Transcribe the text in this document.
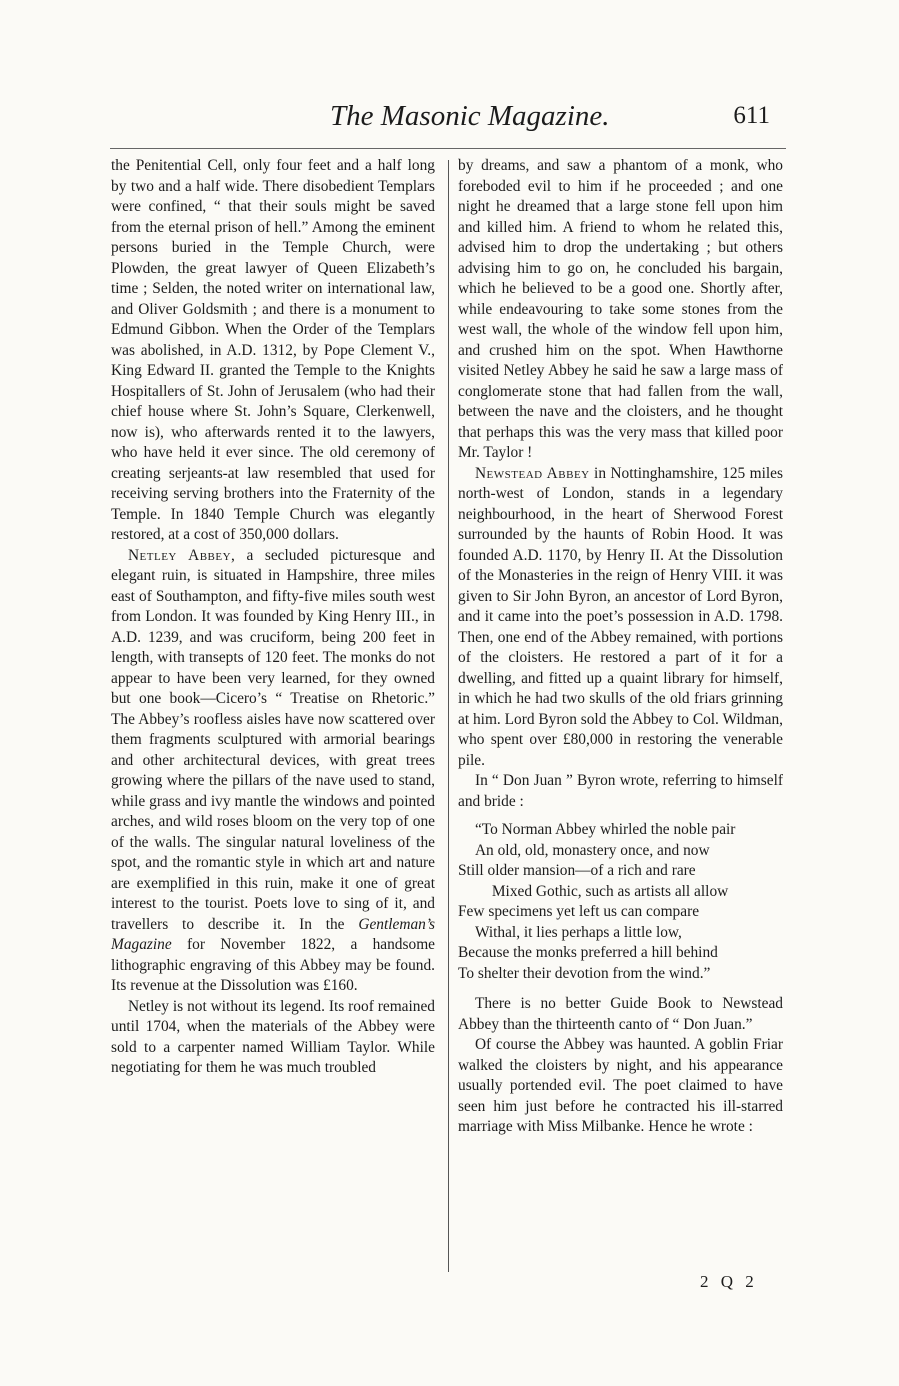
The Masonic Magazine.	611

the Penitential Cell, only four feet and a half long by two and a half wide. There disobedient Templars were confined, “ that their souls might be saved from the eternal prison of hell.” Among the eminent persons buried in the Temple Church, were Plowden, the great lawyer of Queen Elizabeth’s time ; Selden, the noted writer on international law, and Oliver Goldsmith ; and there is a monument to Edmund Gibbon. When the Order of the Templars was abolished, in A.D. 1312, by Pope Clement V., King Edward II. granted the Temple to the Knights Hospitallers of St. John of Jerusalem (who had their chief house where St. John’s Square, Clerkenwell, now is), who afterwards rented it to the lawyers, who have held it ever since. The old ceremony of creating serjeants-at law resembled that used for receiving serving brothers into the Fraternity of the Temple. In 1840 Temple Church was elegantly restored, at a cost of 350,000 dollars.

Netley Abbey, a secluded picturesque and elegant ruin, is situated in Hampshire, three miles east of Southampton, and fifty-five miles south west from London. It was founded by King Henry III., in A.D. 1239, and was cruciform, being 200 feet in length, with transepts of 120 feet. The monks do not appear to have been very learned, for they owned but one book—Cicero’s “ Treatise on Rhetoric.” The Abbey’s roofless aisles have now scattered over them fragments sculptured with armorial bearings and other architectural devices, with great trees growing where the pillars of the nave used to stand, while grass and ivy mantle the windows and pointed arches, and wild roses bloom on the very top of one of the walls. The singular natural loveliness of the spot, and the romantic style in which art and nature are exemplified in this ruin, make it one of great interest to the tourist. Poets love to sing of it, and travellers to describe it. In the Gentleman’s Magazine for November 1822, a handsome lithographic engraving of this Abbey may be found. Its revenue at the Dissolution was £160.

Netley is not without its legend. Its roof remained until 1704, when the materials of the Abbey were sold to a carpenter named William Taylor. While negotiating for them he was much troubled

by dreams, and saw a phantom of a monk, who foreboded evil to him if he proceeded ; and one night he dreamed that a large stone fell upon him and killed him. A friend to whom he related this, advised him to drop the undertaking ; but others advising him to go on, he concluded his bargain, which he believed to be a good one. Shortly after, while endeavouring to take some stones from the west wall, the whole of the window fell upon him, and crushed him on the spot. When Hawthorne visited Netley Abbey he said he saw a large mass of conglomerate stone that had fallen from the wall, between the nave and the cloisters, and he thought that perhaps this was the very mass that killed poor Mr. Taylor !

Newstead Abbey in Nottinghamshire, 125 miles north-west of London, stands in a legendary neighbourhood, in the heart of Sherwood Forest surrounded by the haunts of Robin Hood. It was founded A.D. 1170, by Henry II. At the Dissolution of the Monasteries in the reign of Henry VIII. it was given to Sir John Byron, an ancestor of Lord Byron, and it came into the poet’s possession in A.D. 1798. Then, one end of the Abbey remained, with portions of the cloisters. He restored a part of it for a dwelling, and fitted up a quaint library for himself, in which he had two skulls of the old friars grinning at him. Lord Byron sold the Abbey to Col. Wildman, who spent over £80,000 in restoring the venerable pile.

In “ Don Juan ” Byron wrote, referring to himself and bride :

“To Norman Abbey whirled the noble pair
An old, old, monastery once, and now
Still older mansion—of a rich and rare
Mixed Gothic, such as artists all allow
Few specimens yet left us can compare
Withal, it lies perhaps a little low,
Because the monks preferred a hill behind
To shelter their devotion from the wind.”

There is no better Guide Book to Newstead Abbey than the thirteenth canto of “ Don Juan.”

Of course the Abbey was haunted. A goblin Friar walked the cloisters by night, and his appearance usually portended evil. The poet claimed to have seen him just before he contracted his ill-starred marriage with Miss Milbanke. Hence he wrote :

2 Q 2
